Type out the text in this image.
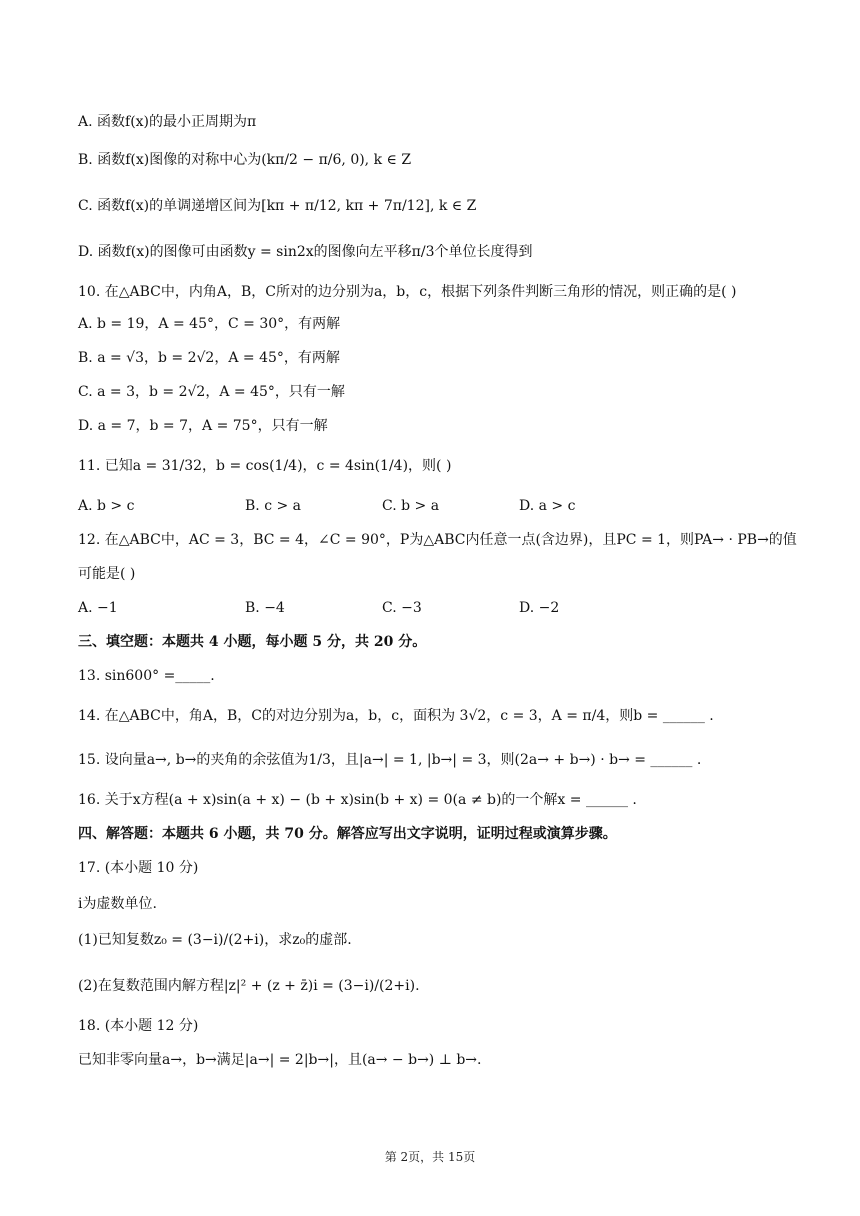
A. 函数f(x)的最小正周期为π
B. 函数f(x)图像的对称中心为(kπ/2 − π/6, 0), k ∈ Z
C. 函数f(x)的单调递增区间为[kπ + π/12, kπ + 7π/12], k ∈ Z
D. 函数f(x)的图像可由函数y = sin2x的图像向左平移π/3个单位长度得到
10. 在△ABC中，内角A，B，C所对的边分别为a，b，c，根据下列条件判断三角形的情况，则正确的是( )
A. b = 19，A = 45°，C = 30°，有两解
B. a = √3，b = 2√2，A = 45°，有两解
C. a = 3，b = 2√2，A = 45°，只有一解
D. a = 7，b = 7，A = 75°，只有一解
11. 已知a = 31/32，b = cos(1/4)，c = 4sin(1/4)，则( )
A. b > c	B. c > a	C. b > a	D. a > c
12. 在△ABC中，AC = 3，BC = 4，∠C = 90°，P为△ABC内任意一点(含边界)，且PC = 1，则PA→ · PB→的值
可能是( )
A. −1	B. −4	C. −3	D. −2
三、填空题：本题共 4 小题，每小题 5 分，共 20 分。
13. sin600° =_____.
14. 在△ABC中，角A，B，C的对边分别为a，b，c，面积为 3√2，c = 3，A = π/4，则b = ______ .
15. 设向量a→, b→的夹角的余弦值为1/3，且|a→| = 1, |b→| = 3，则(2a→ + b→) · b→ = ______ .
16. 关于x方程(a + x)sin(a + x) − (b + x)sin(b + x) = 0(a ≠ b)的一个解x = ______ .
四、解答题：本题共 6 小题，共 70 分。解答应写出文字说明，证明过程或演算步骤。
17. (本小题 10 分)
i为虚数单位.
(1)已知复数z₀ = (3−i)/(2+i)，求z₀的虚部.
(2)在复数范围内解方程|z|² + (z + z̄)i = (3−i)/(2+i).
18. (本小题 12 分)
已知非零向量a→，b→满足|a→| = 2|b→|，且(a→ − b→) ⊥ b→.
第 2页，共 15页
